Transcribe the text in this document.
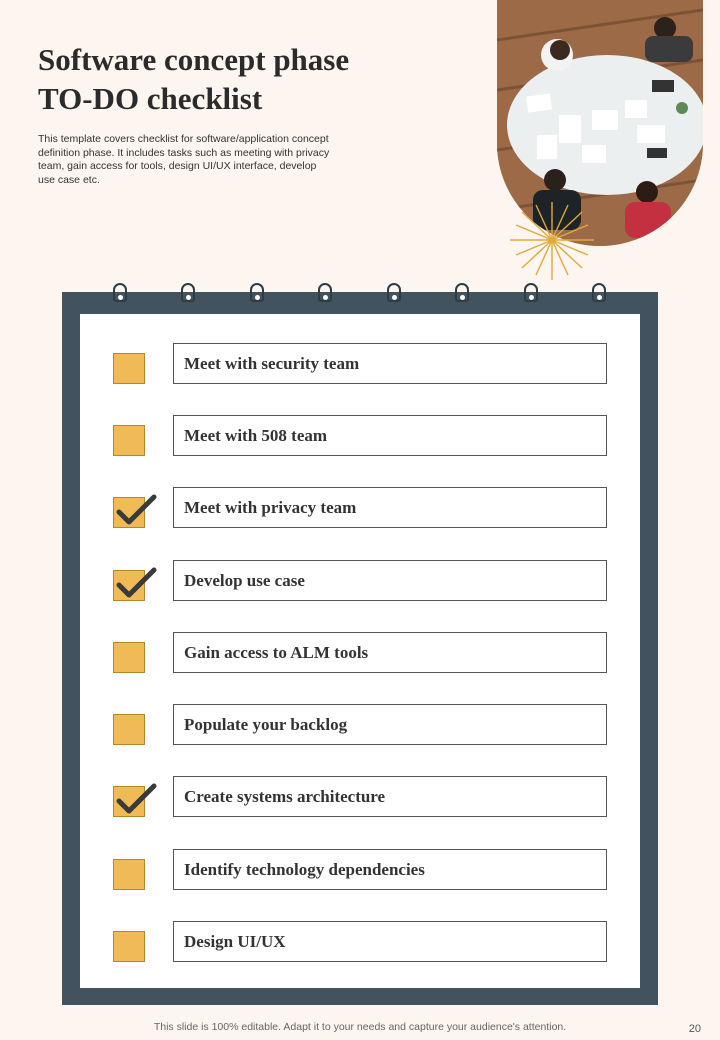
Software concept phase
TO-DO checklist

This template covers checklist for software/application concept
definition phase. It includes tasks such as meeting with privacy
team, gain access for tools, design UI/UX interface, develop
use case etc.

Meet with security team
Meet with 508 team
Meet with privacy team
Develop use case
Gain access to ALM tools
Populate your backlog
Create systems architecture
Identify technology dependencies
Design UI/UX
This slide is 100% editable. Adapt it to your needs and capture your audience's attention.	20
